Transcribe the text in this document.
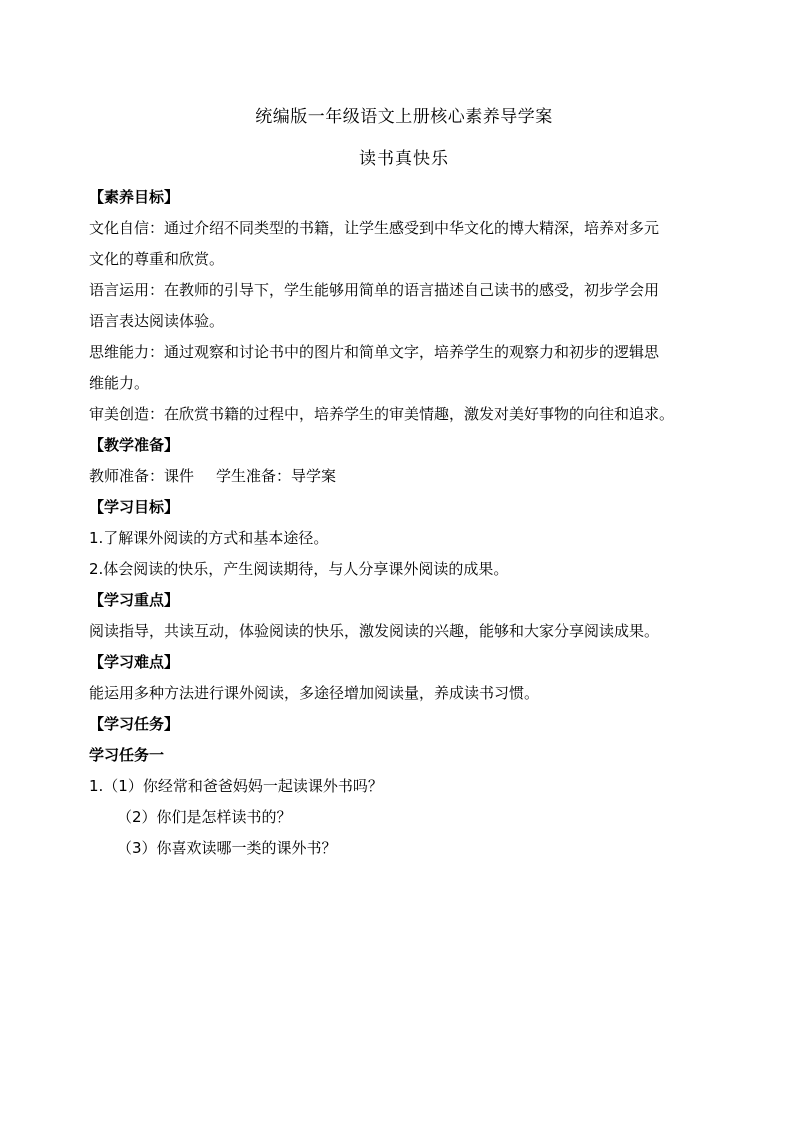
统编版一年级语文上册核心素养导学案

读书真快乐

【素养目标】

文化自信：通过介绍不同类型的书籍，让学生感受到中华文化的博大精深，培养对多元

文化的尊重和欣赏。

语言运用：在教师的引导下，学生能够用简单的语言描述自己读书的感受，初步学会用

语言表达阅读体验。

思维能力：通过观察和讨论书中的图片和简单文字，培养学生的观察力和初步的逻辑思

维能力。

审美创造：在欣赏书籍的过程中，培养学生的审美情趣，激发对美好事物的向往和追求。

【教学准备】

教师准备：课件 学生准备：导学案

【学习目标】

1.了解课外阅读的方式和基本途径。

2.体会阅读的快乐，产生阅读期待，与人分享课外阅读的成果。

【学习重点】

阅读指导，共读互动，体验阅读的快乐，激发阅读的兴趣，能够和大家分享阅读成果。

【学习难点】

能运用多种方法进行课外阅读，多途径增加阅读量，养成读书习惯。

【学习任务】

学习任务一

1.（1）你经常和爸爸妈妈一起读课外书吗？

（2）你们是怎样读书的？

（3）你喜欢读哪一类的课外书？
